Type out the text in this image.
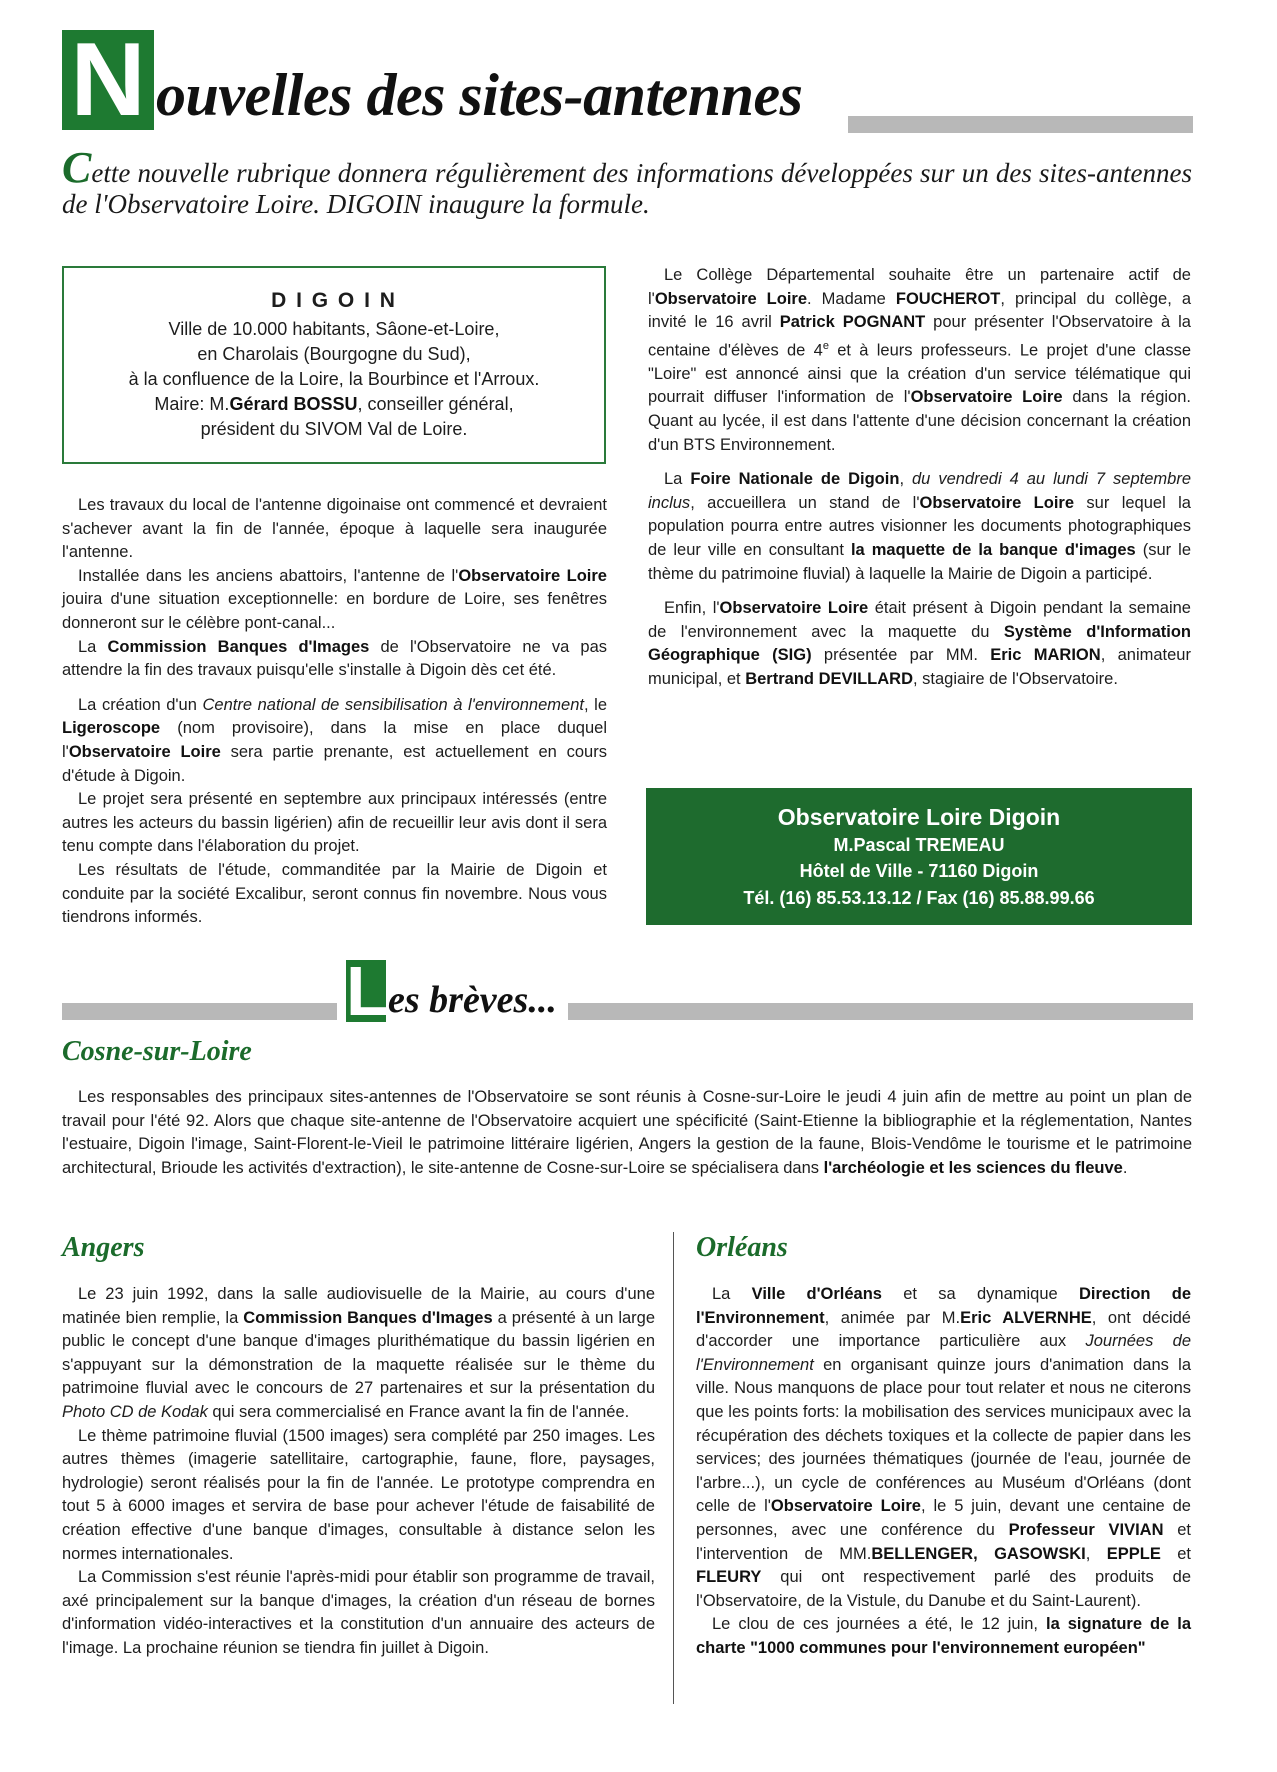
N ouvelles des sites-antennes
Cette nouvelle rubrique donnera régulièrement des informations développées sur un des sites-antennes de l'Observatoire Loire. DIGOIN inaugure la formule.
D I G O I N
Ville de 10.000 habitants, Sâone-et-Loire,
en Charolais (Bourgogne du Sud),
à la confluence de la Loire, la Bourbince et l'Arroux.
Maire: M.Gérard BOSSU, conseiller général,
président du SIVOM Val de Loire.

Les travaux du local de l'antenne digoinaise ont commencé et devraient s'achever avant la fin de l'année, époque à laquelle sera inaugurée l'antenne.

Installée dans les anciens abattoirs, l'antenne de l'Observatoire Loire jouira d'une situation exceptionnelle: en bordure de Loire, ses fenêtres donneront sur le célèbre pont-canal...

La Commission Banques d'Images de l'Observatoire ne va pas attendre la fin des travaux puisqu'elle s'installe à Digoin dès cet été.

La création d'un Centre national de sensibilisation à l'environnement, le Ligeroscope (nom provisoire), dans la mise en place duquel l'Observatoire Loire sera partie prenante, est actuellement en cours d'étude à Digoin.

Le projet sera présenté en septembre aux principaux intéressés (entre autres les acteurs du bassin ligérien) afin de recueillir leur avis dont il sera tenu compte dans l'élaboration du projet.

Les résultats de l'étude, commanditée par la Mairie de Digoin et conduite par la société Excalibur, seront connus fin novembre. Nous vous tiendrons informés.

Le Collège Départemental souhaite être un partenaire actif de l'Observatoire Loire. Madame FOUCHEROT, principal du collège, a invité le 16 avril Patrick POGNANT pour présenter l'Observatoire à la centaine d'élèves de 4e et à leurs professeurs. Le projet d'une classe "Loire" est annoncé ainsi que la création d'un service télématique qui pourrait diffuser l'information de l'Observatoire Loire dans la région. Quant au lycée, il est dans l'attente d'une décision concernant la création d'un BTS Environnement.

La Foire Nationale de Digoin, du vendredi 4 au lundi 7 septembre inclus, accueillera un stand de l'Observatoire Loire sur lequel la population pourra entre autres visionner les documents photographiques de leur ville en consultant la maquette de la banque d'images (sur le thème du patrimoine fluvial) à laquelle la Mairie de Digoin a participé.

Enfin, l'Observatoire Loire était présent à Digoin pendant la semaine de l'environnement avec la maquette du Système d'Information Géographique (SIG) présentée par MM. Eric MARION, animateur municipal, et Bertrand DEVILLARD, stagiaire de l'Observatoire.

Observatoire Loire Digoin
M.Pascal TREMEAU
Hôtel de Ville - 71160 Digoin
Tél. (16) 85.53.13.12 / Fax (16) 85.88.99.66
Les brèves...
Cosne-sur-Loire

Les responsables des principaux sites-antennes de l'Observatoire se sont réunis à Cosne-sur-Loire le jeudi 4 juin afin de mettre au point un plan de travail pour l'été 92. Alors que chaque site-antenne de l'Observatoire acquiert une spécificité (Saint-Etienne la bibliographie et la réglementation, Nantes l'estuaire, Digoin l'image, Saint-Florent-le-Vieil le patrimoine littéraire ligérien, Angers la gestion de la faune, Blois-Vendôme le tourisme et le patrimoine architectural, Brioude les activités d'extraction), le site-antenne de Cosne-sur-Loire se spécialisera dans l'archéologie et les sciences du fleuve.

Angers

Le 23 juin 1992, dans la salle audiovisuelle de la Mairie, au cours d'une matinée bien remplie, la Commission Banques d'Images a présenté à un large public le concept d'une banque d'images plurithématique du bassin ligérien en s'appuyant sur la démonstration de la maquette réalisée sur le thème du patrimoine fluvial avec le concours de 27 partenaires et sur la présentation du Photo CD de Kodak qui sera commercialisé en France avant la fin de l'année.

Le thème patrimoine fluvial (1500 images) sera complété par 250 images. Les autres thèmes (imagerie satellitaire, cartographie, faune, flore, paysages, hydrologie) seront réalisés pour la fin de l'année. Le prototype comprendra en tout 5 à 6000 images et servira de base pour achever l'étude de faisabilité de création effective d'une banque d'images, consultable à distance selon les normes internationales.

La Commission s'est réunie l'après-midi pour établir son programme de travail, axé principalement sur la banque d'images, la création d'un réseau de bornes d'information vidéo-interactives et la constitution d'un annuaire des acteurs de l'image. La prochaine réunion se tiendra fin juillet à Digoin.

Orléans

La Ville d'Orléans et sa dynamique Direction de l'Environnement, animée par M.Eric ALVERNHE, ont décidé d'accorder une importance particulière aux Journées de l'Environnement en organisant quinze jours d'animation dans la ville. Nous manquons de place pour tout relater et nous ne citerons que les points forts: la mobilisation des services municipaux avec la récupération des déchets toxiques et la collecte de papier dans les services; des journées thématiques (journée de l'eau, journée de l'arbre...), un cycle de conférences au Muséum d'Orléans (dont celle de l'Observatoire Loire, le 5 juin, devant une centaine de personnes, avec une conférence du Professeur VIVIAN et l'intervention de MM.BELLENGER, GASOWSKI, EPPLE et FLEURY qui ont respectivement parlé des produits de l'Observatoire, de la Vistule, du Danube et du Saint-Laurent).

Le clou de ces journées a été, le 12 juin, la signature de la charte "1000 communes pour l'environnement européen"
